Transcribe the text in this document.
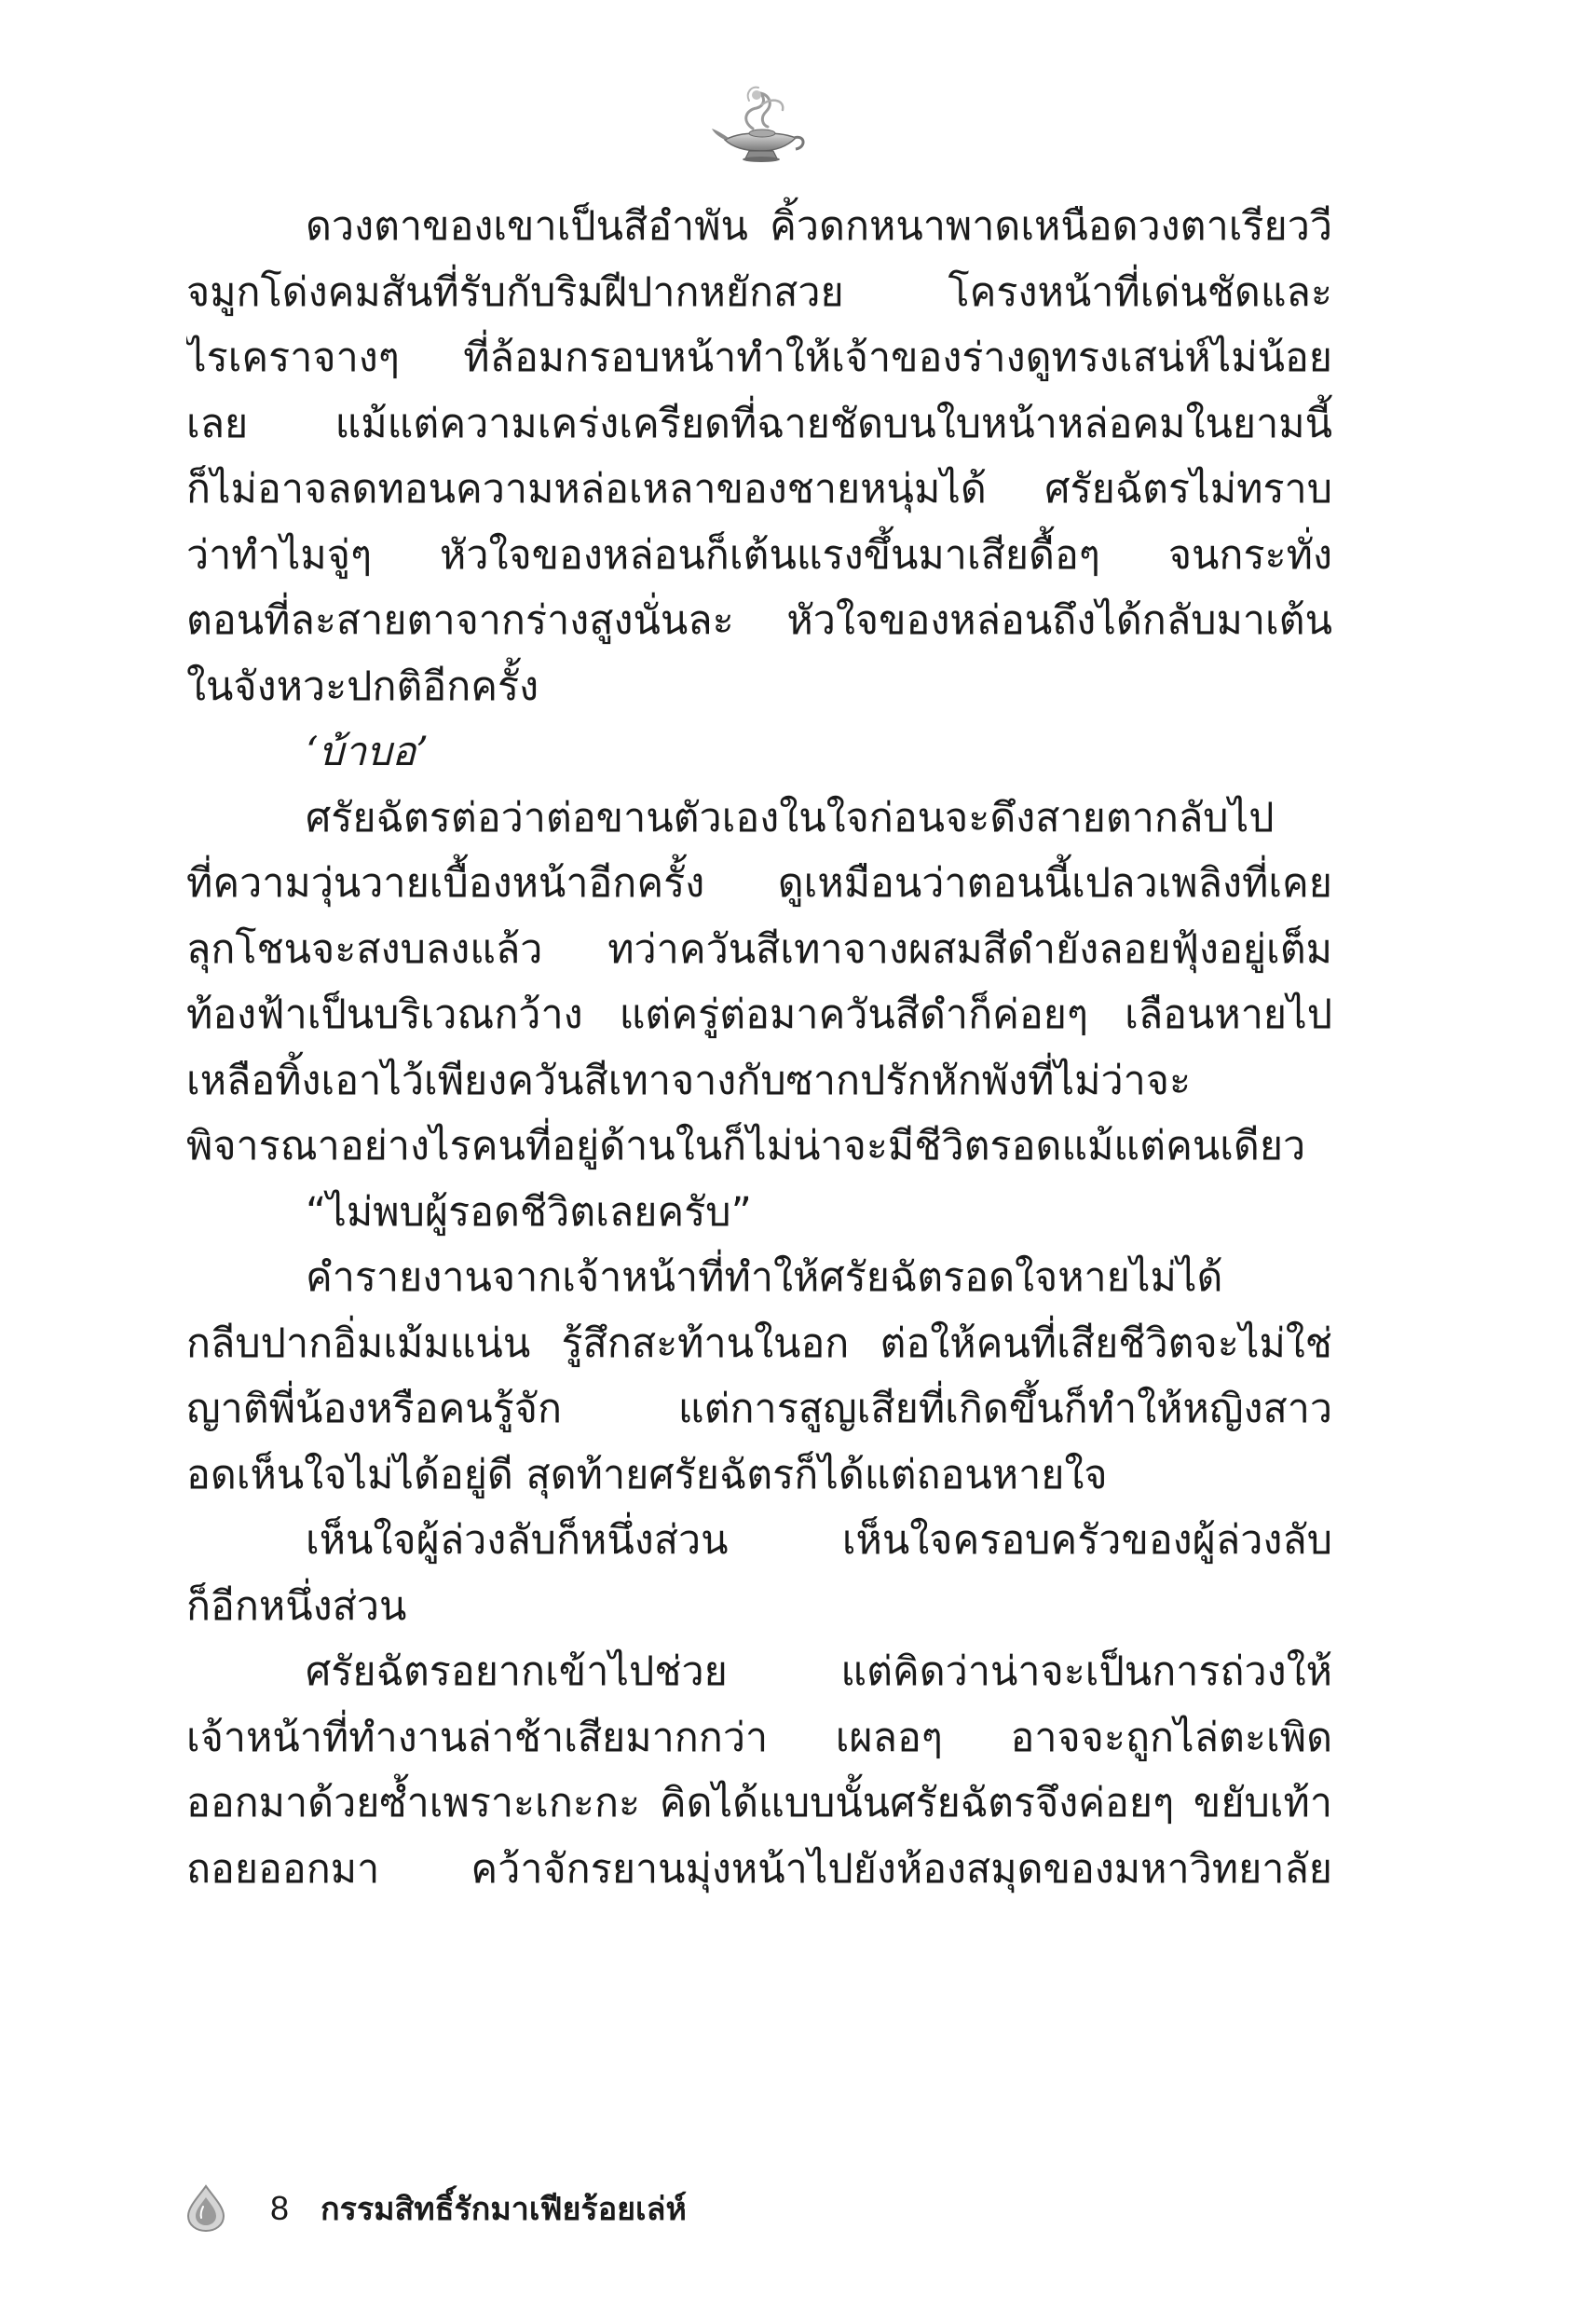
ดวงตาของเขาเป็นสีอำพัน คิ้วดกหนาพาดเหนือดวงตาเรียววี
จมูกโด่งคมสันที่รับกับริมฝีปากหยักสวย โครงหน้าที่เด่นชัดและ
ไรเคราจางๆ ที่ล้อมกรอบหน้าทำให้เจ้าของร่างดูทรงเสน่ห์ไม่น้อย
เลย แม้แต่ความเคร่งเครียดที่ฉายชัดบนใบหน้าหล่อคมในยามนี้
ก็ไม่อาจลดทอนความหล่อเหลาของชายหนุ่มได้ ศรัยฉัตรไม่ทราบ
ว่าทำไมจู่ๆ หัวใจของหล่อนก็เต้นแรงขึ้นมาเสียดื้อๆ จนกระทั่ง
ตอนที่ละสายตาจากร่างสูงนั่นละ หัวใจของหล่อนถึงได้กลับมาเต้น
ในจังหวะปกติอีกครั้ง
‘บ้าบอ’
ศรัยฉัตรต่อว่าต่อขานตัวเองในใจก่อนจะดึงสายตากลับไป
ที่ความวุ่นวายเบื้องหน้าอีกครั้ง ดูเหมือนว่าตอนนี้เปลวเพลิงที่เคย
ลุกโชนจะสงบลงแล้ว ทว่าควันสีเทาจางผสมสีดำยังลอยฟุ้งอยู่เต็ม
ท้องฟ้าเป็นบริเวณกว้าง แต่ครู่ต่อมาควันสีดำก็ค่อยๆ เลือนหายไป
เหลือทิ้งเอาไว้เพียงควันสีเทาจางกับซากปรักหักพังที่ไม่ว่าจะ
พิจารณาอย่างไรคนที่อยู่ด้านในก็ไม่น่าจะมีชีวิตรอดแม้แต่คนเดียว
“ไม่พบผู้รอดชีวิตเลยครับ”
คำรายงานจากเจ้าหน้าที่ทำให้ศรัยฉัตรอดใจหายไม่ได้
กลีบปากอิ่มเม้มแน่น รู้สึกสะท้านในอก ต่อให้คนที่เสียชีวิตจะไม่ใช่
ญาติพี่น้องหรือคนรู้จัก แต่การสูญเสียที่เกิดขึ้นก็ทำให้หญิงสาว
อดเห็นใจไม่ได้อยู่ดี สุดท้ายศรัยฉัตรก็ได้แต่ถอนหายใจ
เห็นใจผู้ล่วงลับก็หนึ่งส่วน เห็นใจครอบครัวของผู้ล่วงลับ
ก็อีกหนึ่งส่วน
ศรัยฉัตรอยากเข้าไปช่วย แต่คิดว่าน่าจะเป็นการถ่วงให้
เจ้าหน้าที่ทำงานล่าช้าเสียมากกว่า เผลอๆ อาจจะถูกไล่ตะเพิด
ออกมาด้วยซ้ำเพราะเกะกะ คิดได้แบบนั้นศรัยฉัตรจึงค่อยๆ ขยับเท้า
ถอยออกมา คว้าจักรยานมุ่งหน้าไปยังห้องสมุดของมหาวิทยาลัย
8 กรรมสิทธิ์รักมาเฟียร้อยเล่ห์
